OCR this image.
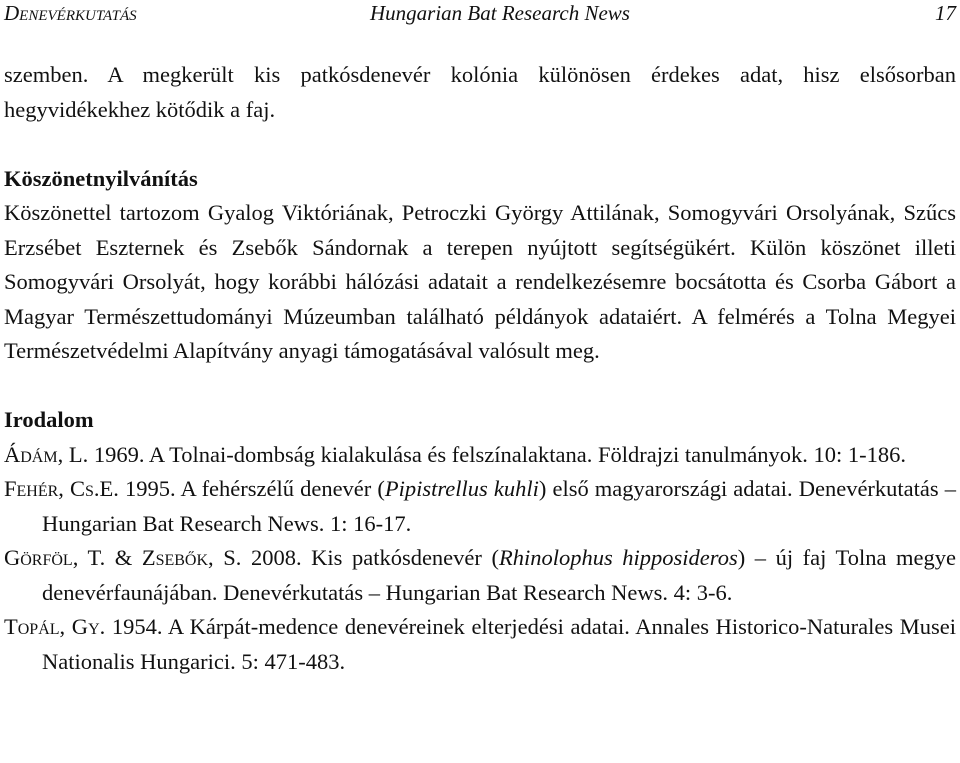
Denevérkutatás	Hungarian Bat Research News	17

szemben. A megkerült kis patkósdenevér kolónia különösen érdekes adat, hisz elsősorban hegyvidékekhez kötődik a faj.

Köszönetnyilvánítás

Köszönettel tartozom Gyalog Viktóriának, Petroczki György Attilának, Somogyvári Orsolyának, Szűcs Erzsébet Eszternek és Zsebők Sándornak a terepen nyújtott segítségükért. Külön köszönet illeti Somogyvári Orsolyát, hogy korábbi hálózási adatait a rendelkezésemre bocsátotta és Csorba Gábort a Magyar Természettudományi Múzeumban található példányok adataiért. A felmérés a Tolna Megyei Természetvédelmi Alapítvány anyagi támogatásával valósult meg.

Irodalom

Ádám, L. 1969. A Tolnai-dombság kialakulása és felszínalaktana. Földrajzi tanulmányok. 10: 1-186.

Fehér, Cs.E. 1995. A fehérszélű denevér (Pipistrellus kuhli) első magyarországi adatai. Denevérkutatás – Hungarian Bat Research News. 1: 16-17.

Görföl, T. & Zsebők, S. 2008. Kis patkósdenevér (Rhinolophus hipposideros) – új faj Tolna megye denevérfaunájában. Denevérkutatás – Hungarian Bat Research News. 4: 3-6.

Topál, Gy. 1954. A Kárpát-medence denevéreinek elterjedési adatai. Annales Historico-Naturales Musei Nationalis Hungarici. 5: 471-483.
